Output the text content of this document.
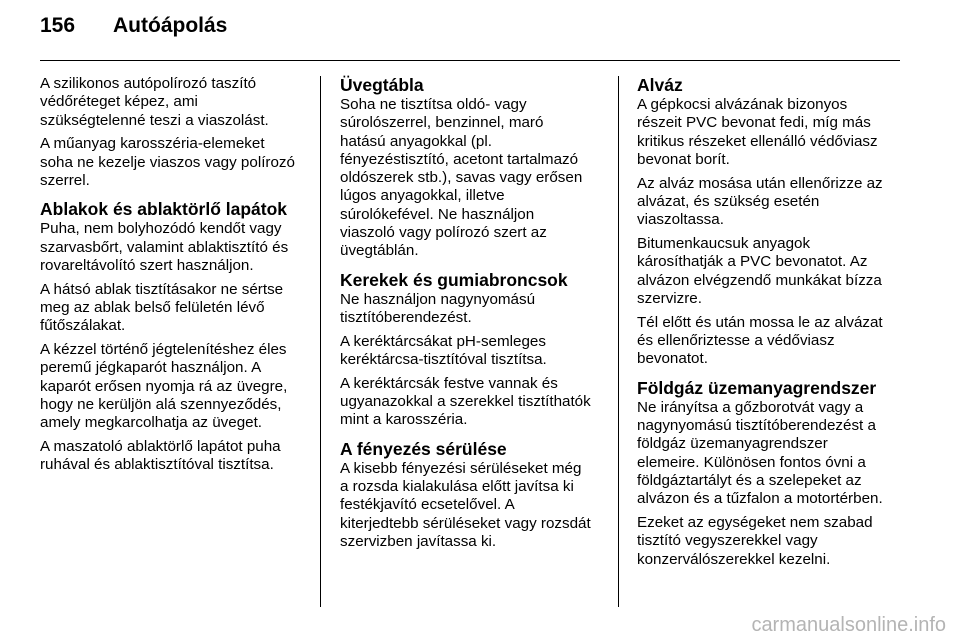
156	Autóápolás

A szilikonos autópolírozó taszító
védőréteget képez, ami
szükségtelenné teszi a viaszolást.

A műanyag karosszéria-elemeket
soha ne kezelje viaszos vagy polírozó
szerrel.

Ablakok és ablaktörlő lapátok

Puha, nem bolyhozódó kendőt vagy
szarvasbőrt, valamint ablaktisztító és
rovareltávolító szert használjon.

A hátsó ablak tisztításakor ne sértse
meg az ablak belső felületén lévő
fűtőszálakat.

A kézzel történő jégtelenítéshez éles
peremű jégkaparót használjon. A
kaparót erősen nyomja rá az üvegre,
hogy ne kerüljön alá szennyeződés,
amely megkarcolhatja az üveget.

A maszatoló ablaktörlő lapátot puha
ruhával és ablaktisztítóval tisztítsa.

Üvegtábla

Soha ne tisztítsa oldó- vagy
súrolószerrel, benzinnel, maró
hatású anyagokkal (pl.
fényezéstisztító, acetont tartalmazó
oldószerek stb.), savas vagy erősen
lúgos anyagokkal, illetve
súrolókefével. Ne használjon
viaszoló vagy polírozó szert az
üvegtáblán.

Kerekek és gumiabroncsok

Ne használjon nagynyomású
tisztítóberendezést.

A keréktárcsákat pH-semleges
keréktárcsa-tisztítóval tisztítsa.

A keréktárcsák festve vannak és
ugyanazokkal a szerekkel tisztíthatók
mint a karosszéria.

A fényezés sérülése

A kisebb fényezési sérüléseket még
a rozsda kialakulása előtt javítsa ki
festékjavító ecsetelővel. A
kiterjedtebb sérüléseket vagy rozsdát
szervizben javítassa ki.

Alváz

A gépkocsi alvázának bizonyos
részeit PVC bevonat fedi, míg más
kritikus részeket ellenálló védőviasz
bevonat borít.

Az alváz mosása után ellenőrizze az
alvázat, és szükség esetén
viaszoltassa.

Bitumenkaucsuk anyagok
károsíthatják a PVC bevonatot. Az
alvázon elvégzendő munkákat bízza
szervizre.

Tél előtt és után mossa le az alvázat
és ellenőriztesse a védőviasz
bevonatot.

Földgáz üzemanyagrendszer

Ne irányítsa a gőzborotvát vagy a
nagynyomású tisztítóberendezést a
földgáz üzemanyagrendszer
elemeire. Különösen fontos óvni a
földgáztartályt és a szelepeket az
alvázon és a tűzfalon a motortérben.

Ezeket az egységeket nem szabad
tisztító vegyszerekkel vagy
konzerválószerekkel kezelni.

carmanualsonline.info
